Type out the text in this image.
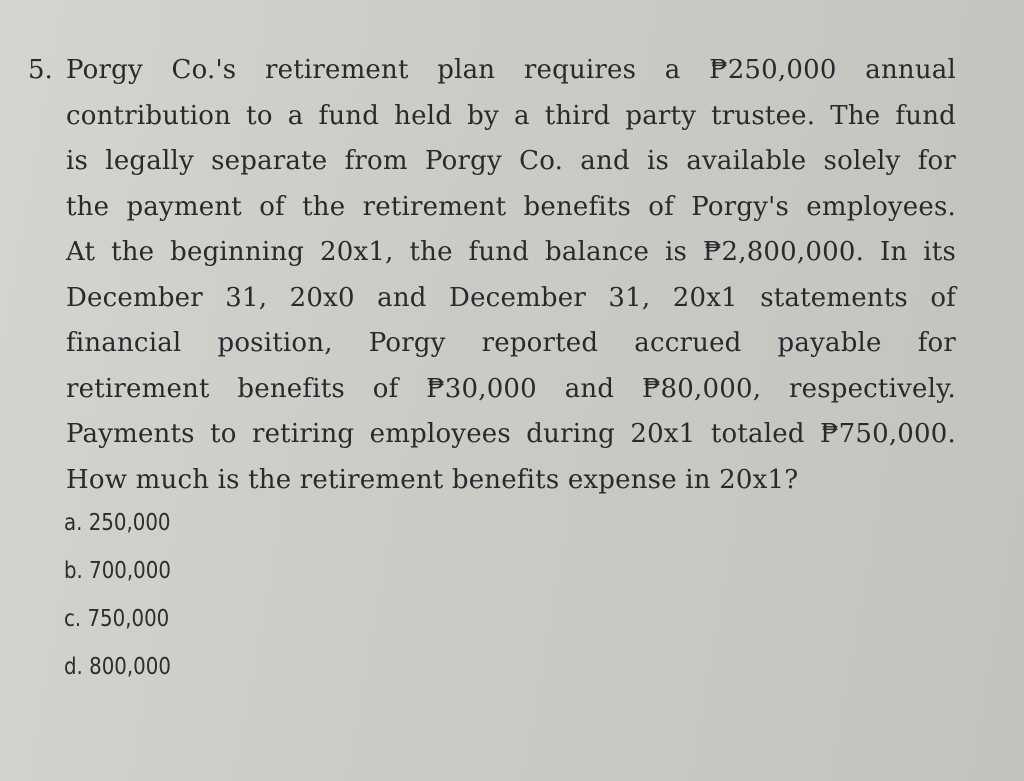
5. Porgy Co.'s retirement plan requires a ₱250,000 annual
contribution to a fund held by a third party trustee. The fund
is legally separate from Porgy Co. and is available solely for
the payment of the retirement benefits of Porgy's employees.
At the beginning 20x1, the fund balance is ₱2,800,000. In its
December 31, 20x0 and December 31, 20x1 statements of
financial position, Porgy reported accrued payable for
retirement benefits of ₱30,000 and ₱80,000, respectively.
Payments to retiring employees during 20x1 totaled ₱750,000.
How much is the retirement benefits expense in 20x1?
a. 250,000
b. 700,000
c. 750,000
d. 800,000
